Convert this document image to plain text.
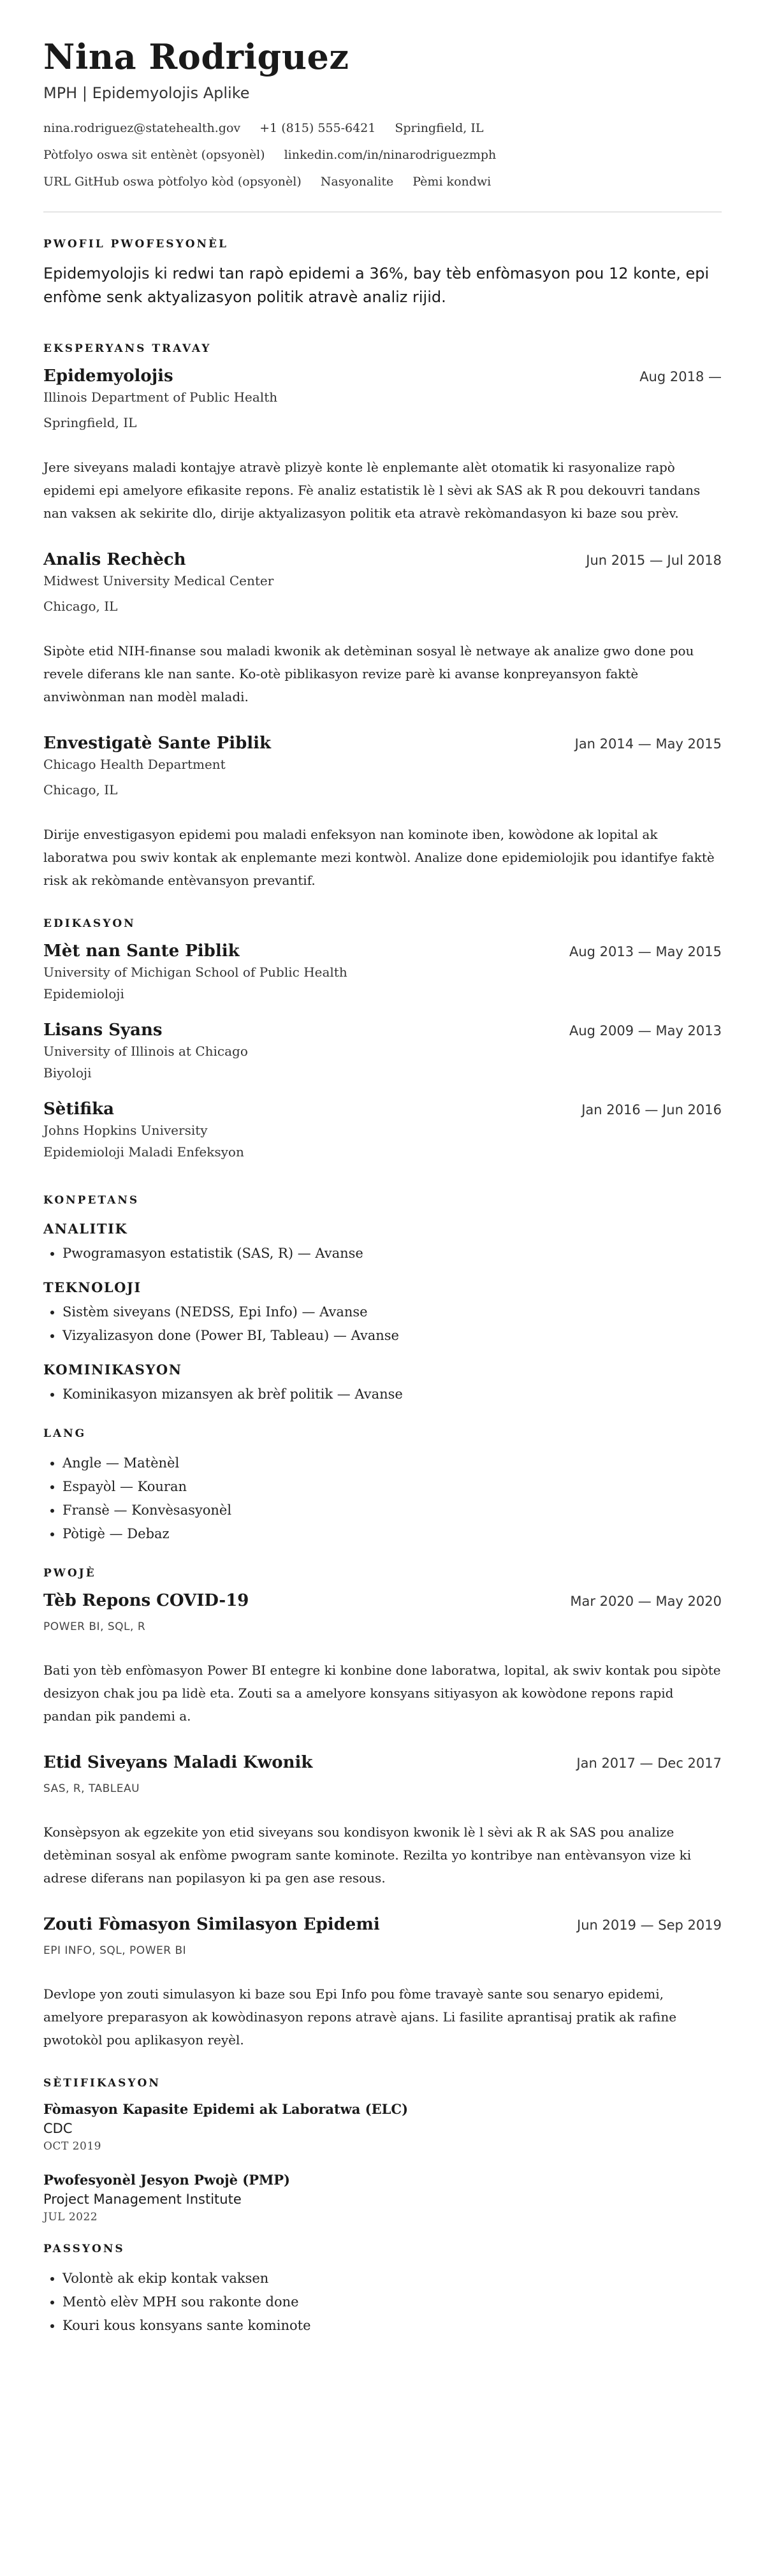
Nina Rodriguez
MPH | Epidemyolojis Aplike
nina.rodriguez@statehealth.gov +1 (815) 555-6421 Springfield, IL
Pòtfolyo oswa sit entènèt (opsyonèl) linkedin.com/in/ninarodriguezmph
URL GitHub oswa pòtfolyo kòd (opsyonèl) Nasyonalite Pèmi kondwi
PWOFIL PWOFESYONÈL

Epidemyolojis ki redwi tan rapò epidemi a 36%, bay tèb enfòmasyon pou 12 konte, epi enfòme senk aktyalizasyon politik atravè analiz rijid.

EKSPERYANS TRAVAY
Epidemyolojis	Aug 2018 —
Illinois Department of Public Health
Springfield, IL
Jere siveyans maladi kontajye atravè plizyè konte lè enplemante alèt otomatik ki rasyonalize rapò epidemi epi amelyore efikasite repons. Fè analiz estatistik lè l sèvi ak SAS ak R pou dekouvri tandans nan vaksen ak sekirite dlo, dirije aktyalizasyon politik eta atravè rekòmandasyon ki baze sou prèv.
Analis Rechèch	Jun 2015 — Jul 2018
Midwest University Medical Center
Chicago, IL
Sipòte etid NIH-finanse sou maladi kwonik ak detèminan sosyal lè netwaye ak analize gwo done pou revele diferans kle nan sante. Ko-otè piblikasyon revize parè ki avanse konpreyansyon faktè anviwònman nan modèl maladi.
Envestigatè Sante Piblik	Jan 2014 — May 2015
Chicago Health Department
Chicago, IL
Dirije envestigasyon epidemi pou maladi enfeksyon nan kominote iben, kowòdone ak lopital ak laboratwa pou swiv kontak ak enplemante mezi kontwòl. Analize done epidemiolojik pou idantifye faktè risk ak rekòmande entèvansyon prevantif.
EDIKASYON
Mèt nan Sante Piblik	Aug 2013 — May 2015
University of Michigan School of Public Health
Epidemioloji
Lisans Syans	Aug 2009 — May 2013
University of Illinois at Chicago
Biyoloji
Sètifika	Jan 2016 — Jun 2016
Johns Hopkins University
Epidemioloji Maladi Enfeksyon
KONPETANS
ANALITIK
• Pwogramasyon estatistik (SAS, R) — Avanse
TEKNOLOJI
• Sistèm siveyans (NEDSS, Epi Info) — Avanse
• Vizyalizasyon done (Power BI, Tableau) — Avanse
KOMINIKASYON
• Kominikasyon mizansyen ak brèf politik — Avanse
LANG
• Angle — Matènèl
• Espayòl — Kouran
• Fransè — Konvèsasyonèl
• Pòtigè — Debaz
PWOJÈ
Tèb Repons COVID-19	Mar 2020 — May 2020
POWER BI, SQL, R
Bati yon tèb enfòmasyon Power BI entegre ki konbine done laboratwa, lopital, ak swiv kontak pou sipòte desizyon chak jou pa lidè eta. Zouti sa a amelyore konsyans sitiyasyon ak kowòdone repons rapid pandan pik pandemi a.
Etid Siveyans Maladi Kwonik	Jan 2017 — Dec 2017
SAS, R, TABLEAU
Konsèpsyon ak egzekite yon etid siveyans sou kondisyon kwonik lè l sèvi ak R ak SAS pou analize detèminan sosyal ak enfòme pwogram sante kominote. Rezilta yo kontribye nan entèvansyon vize ki adrese diferans nan popilasyon ki pa gen ase resous.
Zouti Fòmasyon Similasyon Epidemi	Jun 2019 — Sep 2019
EPI INFO, SQL, POWER BI
Devlope yon zouti simulasyon ki baze sou Epi Info pou fòme travayè sante sou senaryo epidemi, amelyore preparasyon ak kowòdinasyon repons atravè ajans. Li fasilite aprantisaj pratik ak rafine pwotokòl pou aplikasyon reyèl.
SÈTIFIKASYON
Fòmasyon Kapasite Epidemi ak Laboratwa (ELC)
CDC
OCT 2019
Pwofesyonèl Jesyon Pwojè (PMP)
Project Management Institute
JUL 2022
PASSYONS
• Volontè ak ekip kontak vaksen
• Mentò elèv MPH sou rakonte done
• Kouri kous konsyans sante kominote
